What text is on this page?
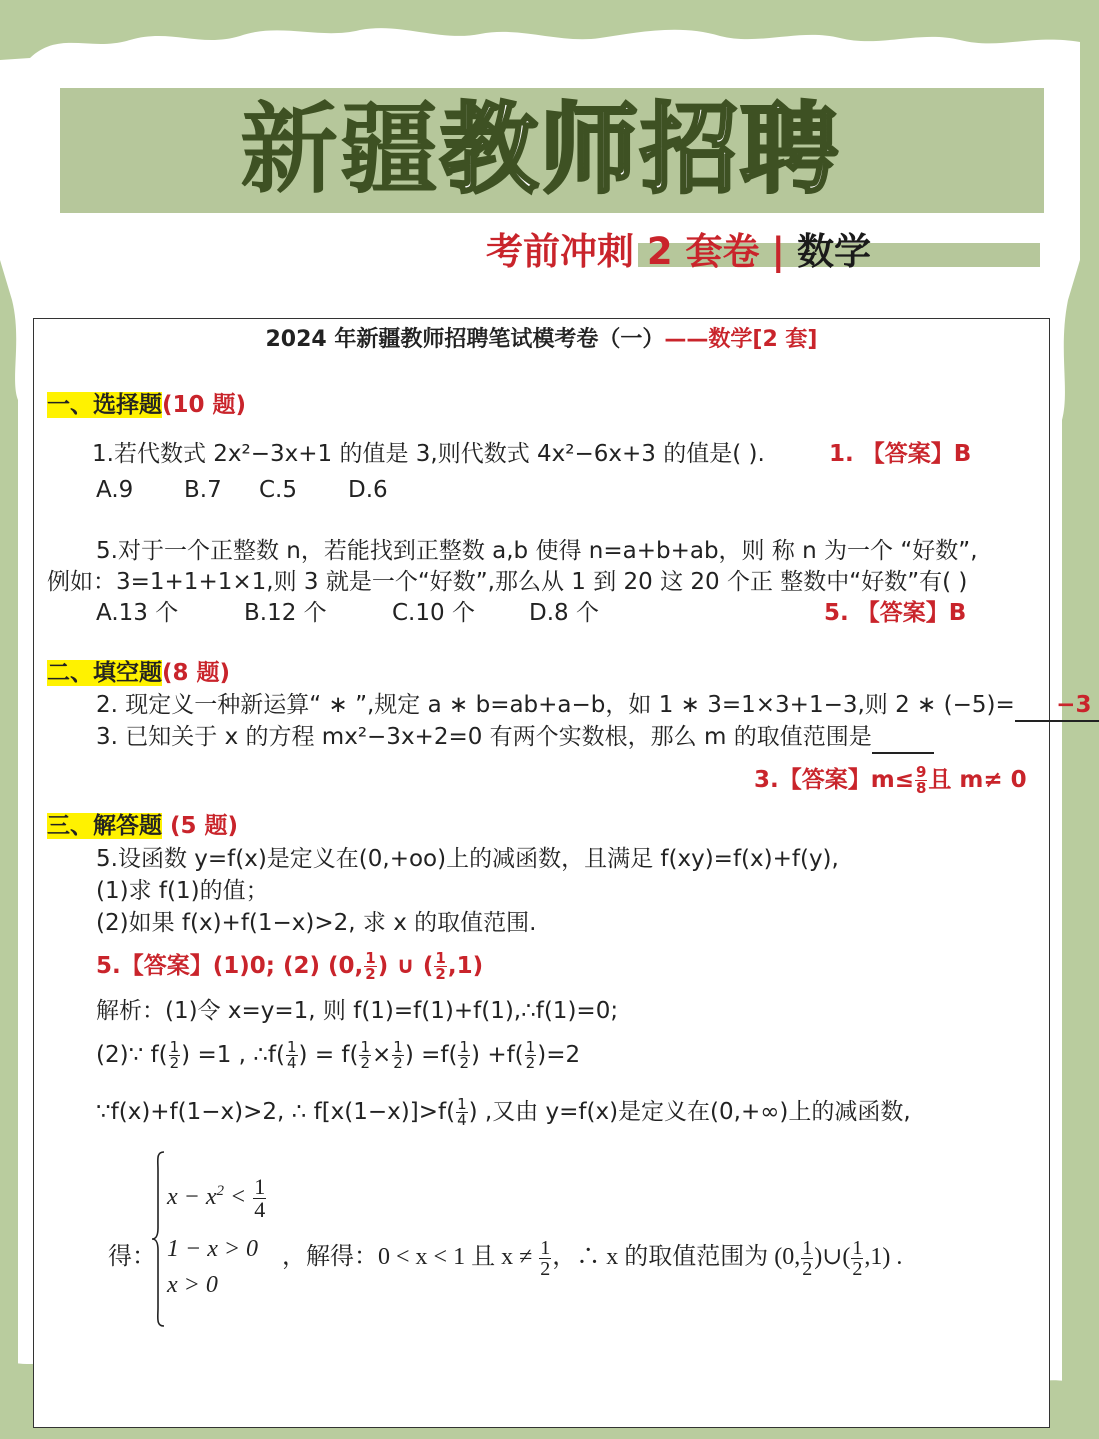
新疆教师招聘
考前冲刺 2 套卷 | 数学
2024 年新疆教师招聘笔试模考卷（一）——数学[2 套]
一、选择题(10 题)
1.若代数式 2x²−3x+1 的值是 3,则代数式 4x²−6x+3 的值是( ).	1. 【答案】B
A.9 B.7 C.5 D.6
5.对于一个正整数 n，若能找到正整数 a,b 使得 n=a+b+ab，则 称 n 为一个 “好数”,
例如：3=1+1+1×1,则 3 就是一个“好数”,那么从 1 到 20 这 20 个正 整数中“好数”有( )
A.13 个	B.12 个	C.10 个 D.8 个	5. 【答案】B
二、填空题(8 题)
2. 现定义一种新运算“ ∗ ”,规定 a ∗ b=ab+a−b，如 1 ∗ 3=1×3+1−3,则 2 ∗ (−5)= −3
3. 已知关于 x 的方程 mx²−3x+2=0 有两个实数根，那么 m 的取值范围是
3.【答案】$m\le \frac{9}{8}$ 且 m≠ 0
三、解答题 (5 题)
5.设函数 y=f(x)是定义在(0,+oo)上的减函数，且满足 f(xy)=f(x)+f(y),
(1)求 f(1)的值；
(2)如果 f(x)+f(1−x)>2, 求 x 的取值范围.
5.【答案】(1)0; (2) (0, $\frac{1}{2}$ ) ∪ ( $\frac{1}{2} ,1$)
解析：(1)令 x=y=1, 则 f(1)=f(1)+f(1),∴f(1)=0;
(2)∵ $f( \frac{1}{2}$ ) =1 , ∴f( $\frac{1}{4}$ ) = $f( \frac{1}{2} \times \frac{1}{2}$ ) $=f( \frac{1}{2}$ ) $+f( \frac{1}{2} )=2$
∵f(x)+f(1−x)>2, ∴ $f[x(1-x)]>f( \frac{1}{4}$ ) ,又由 y=f(x)是定义在(0,+∞)上的减函数,
得：
$x - x^2 < \frac{1}{4}$
1 − x > 0
x > 0
，解得：0 < x < 1 且 $x \ne \frac{1}{2}$ ，∴ x 的取值范围为 (0, $\frac{1}{2}$ )∪( $\frac{1}{2} ,1$) .
